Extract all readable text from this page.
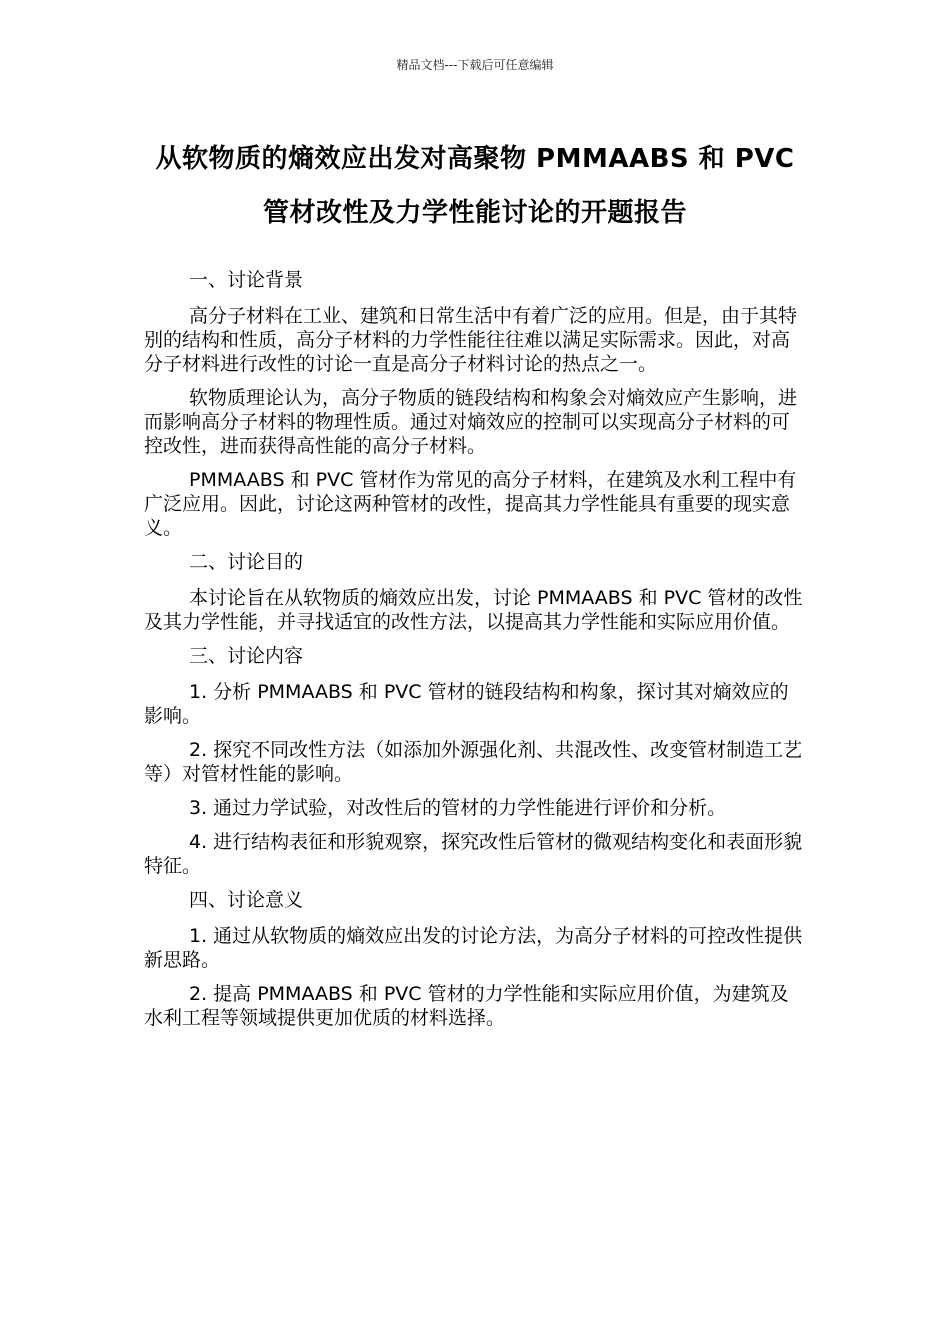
精品文档---下载后可任意编辑
从软物质的熵效应出发对高聚物 PMMAABS 和 PVC
管材改性及力学性能讨论的开题报告

一、讨论背景

高分子材料在工业、建筑和日常生活中有着广泛的应用。但是，由于其特别的结构和性质，高分子材料的力学性能往往难以满足实际需求。因此，对高分子材料进行改性的讨论一直是高分子材料讨论的热点之一。

软物质理论认为，高分子物质的链段结构和构象会对熵效应产生影响，进而影响高分子材料的物理性质。通过对熵效应的控制可以实现高分子材料的可控改性，进而获得高性能的高分子材料。

PMMAABS 和 PVC 管材作为常见的高分子材料，在建筑及水利工程中有广泛应用。因此，讨论这两种管材的改性，提高其力学性能具有重要的现实意义。

二、讨论目的

本讨论旨在从软物质的熵效应出发，讨论 PMMAABS 和 PVC 管材的改性及其力学性能，并寻找适宜的改性方法，以提高其力学性能和实际应用价值。

三、讨论内容

1. 分析 PMMAABS 和 PVC 管材的链段结构和构象，探讨其对熵效应的影响。

2. 探究不同改性方法（如添加外源强化剂、共混改性、改变管材制造工艺等）对管材性能的影响。

3. 通过力学试验，对改性后的管材的力学性能进行评价和分析。

4. 进行结构表征和形貌观察，探究改性后管材的微观结构变化和表面形貌特征。

四、讨论意义

1. 通过从软物质的熵效应出发的讨论方法，为高分子材料的可控改性提供新思路。

2. 提高 PMMAABS 和 PVC 管材的力学性能和实际应用价值，为建筑及水利工程等领域提供更加优质的材料选择。
